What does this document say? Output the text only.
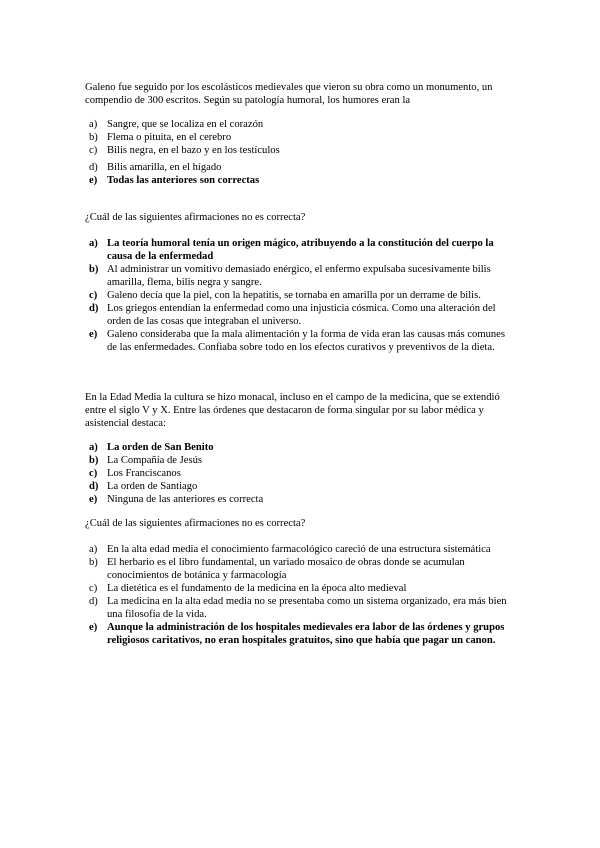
Galeno fue seguido por los escolásticos medievales que vieron su obra como un monumento, un compendio de 300 escritos. Según su patología humoral, los humores eran la

a) Sangre, que se localiza en el corazón
b) Flema o pituita, en el cerebro
c) Bilis negra, en el bazo y en los testículos
d) Bilis amarilla, en el hígado
e) Todas las anteriores son correctas

¿Cuál de las siguientes afirmaciones no es correcta?

a) La teoría humoral tenía un origen mágico, atribuyendo a la constitución del cuerpo la causa de la enfermedad
b) Al administrar un vomitivo demasiado enérgico, el enfermo expulsaba sucesivamente bilis amarilla, flema, bilis negra y sangre.
c) Galeno decía que la piel, con la hepatitis, se tornaba en amarilla por un derrame de bilis.
d) Los griegos entendían la enfermedad como una injusticia cósmica. Como una alteración del orden de las cosas que integraban el universo.
e) Galeno consideraba que la mala alimentación y la forma de vida eran las causas más comunes de las enfermedades. Confiaba sobre todo en los efectos curativos y preventivos de la dieta.

En la Edad Media la cultura se hizo monacal, incluso en el campo de la medicina, que se extendió entre el siglo V y X. Entre las órdenes que destacaron de forma singular por su labor médica y asistencial destaca:

a) La orden de San Benito
b) La Compañía de Jesús
c) Los Franciscanos
d) La orden de Santiago
e) Ninguna de las anteriores es correcta

¿Cuál de las siguientes afirmaciones no es correcta?

a) En la alta edad media el conocimiento farmacológico careció de una estructura sistemática
b) El herbario es el libro fundamental, un variado mosaico de obras donde se acumulan conocimientos de botánica y farmacología
c) La dietética es el fundamento de la medicina en la época alto medieval
d) La medicina en la alta edad media no se presentaba como un sistema organizado, era más bien una filosofía de la vida.
e) Aunque la administración de los hospitales medievales era labor de las órdenes y grupos religiosos caritativos, no eran hospitales gratuitos, sino que había que pagar un canon.
